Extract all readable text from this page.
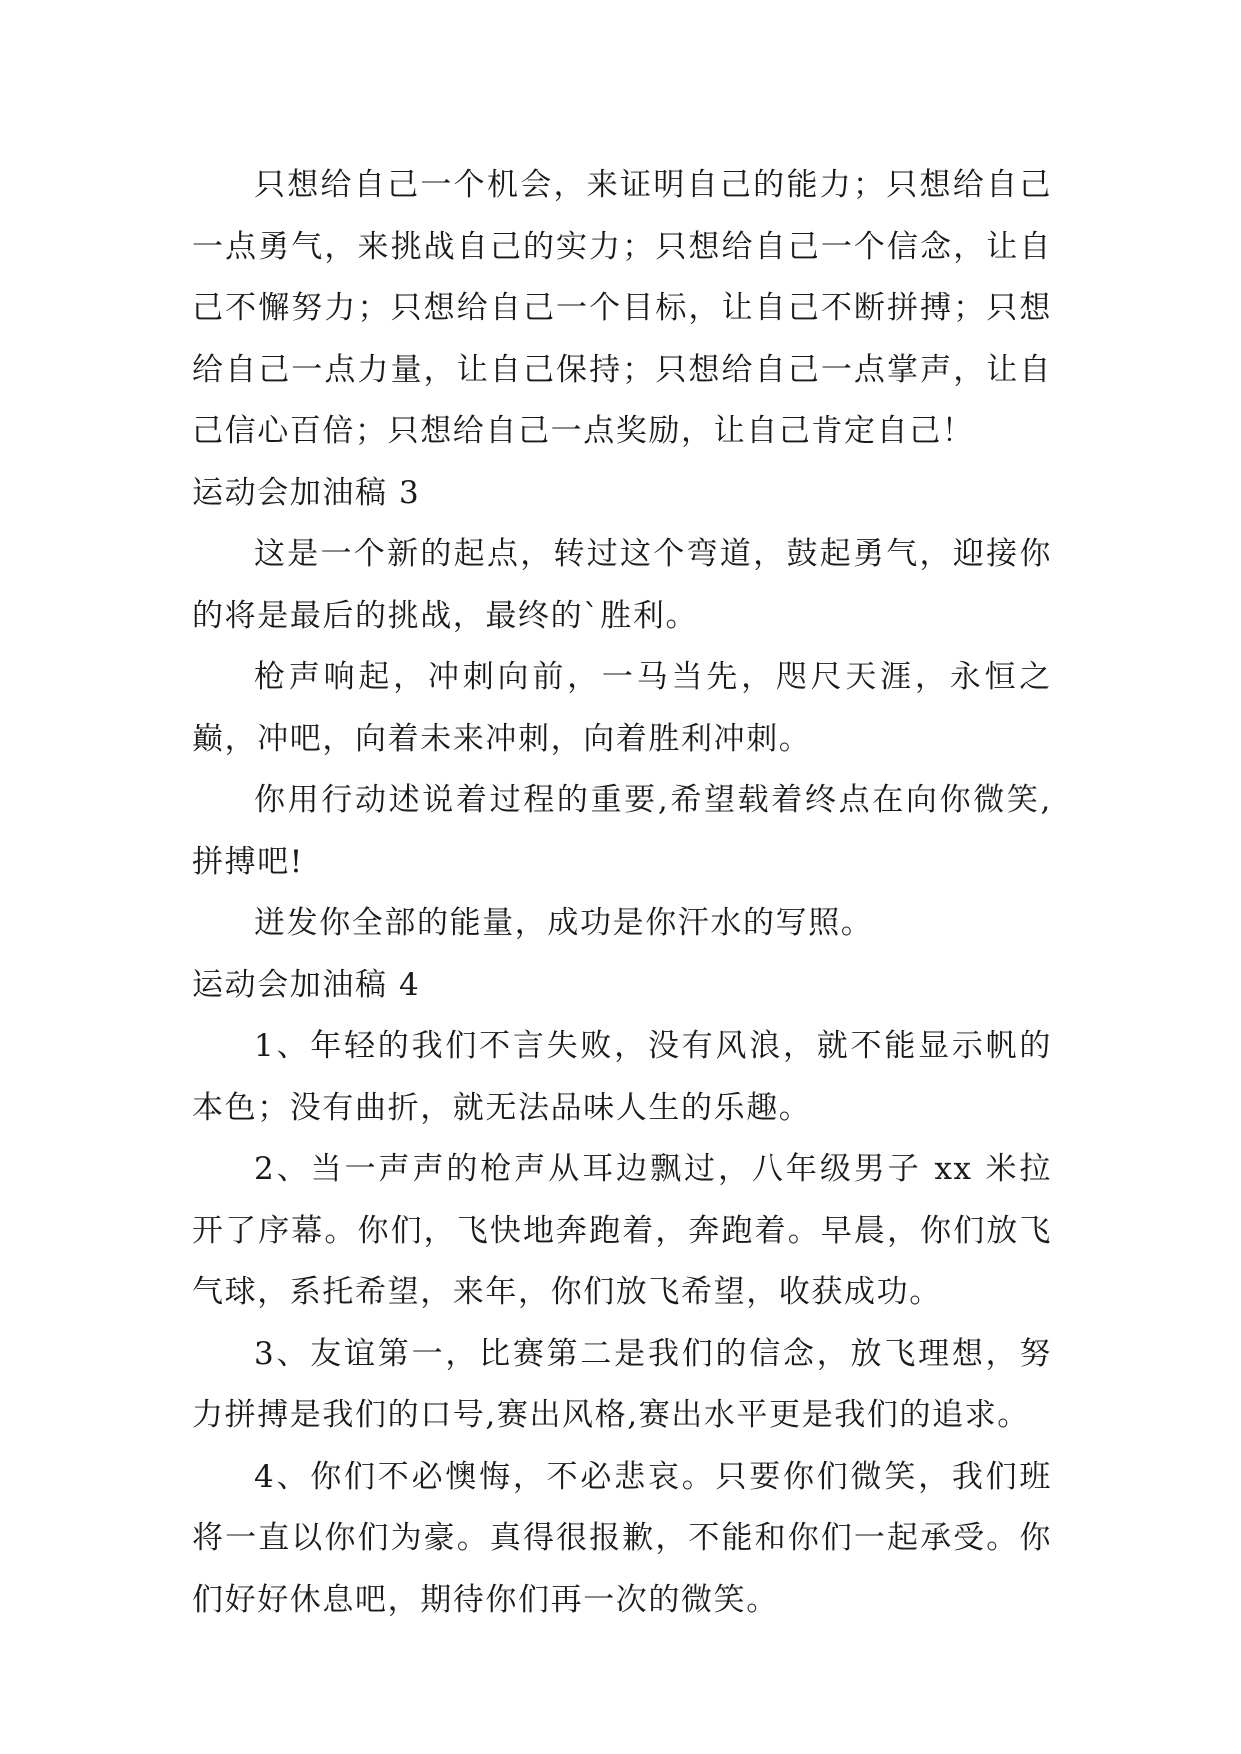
只想给自己一个机会，来证明自己的能力；只想给自己一点勇气，来挑战自己的实力；只想给自己一个信念，让自己不懈努力；只想给自己一个目标，让自己不断拼搏；只想给自己一点力量，让自己保持；只想给自己一点掌声，让自己信心百倍；只想给自己一点奖励，让自己肯定自己！

运动会加油稿 3

这是一个新的起点，转过这个弯道，鼓起勇气，迎接你的将是最后的挑战，最终的`胜利。

枪声响起，冲刺向前，一马当先，咫尺天涯，永恒之巅，冲吧，向着未来冲刺，向着胜利冲刺。

你用行动述说着过程的重要,希望载着终点在向你微笑,拼搏吧!

迸发你全部的能量，成功是你汗水的写照。

运动会加油稿 4

1、年轻的我们不言失败，没有风浪，就不能显示帆的本色；没有曲折，就无法品味人生的乐趣。

2、当一声声的枪声从耳边飘过，八年级男子 xx 米拉开了序幕。你们，飞快地奔跑着，奔跑着。早晨，你们放飞气球，系托希望，来年，你们放飞希望，收获成功。

3、友谊第一，比赛第二是我们的信念，放飞理想，努力拼搏是我们的口号,赛出风格,赛出水平更是我们的追求。

4、你们不必懊悔，不必悲哀。只要你们微笑，我们班将一直以你们为豪。真得很报歉，不能和你们一起承受。你们好好休息吧，期待你们再一次的微笑。
